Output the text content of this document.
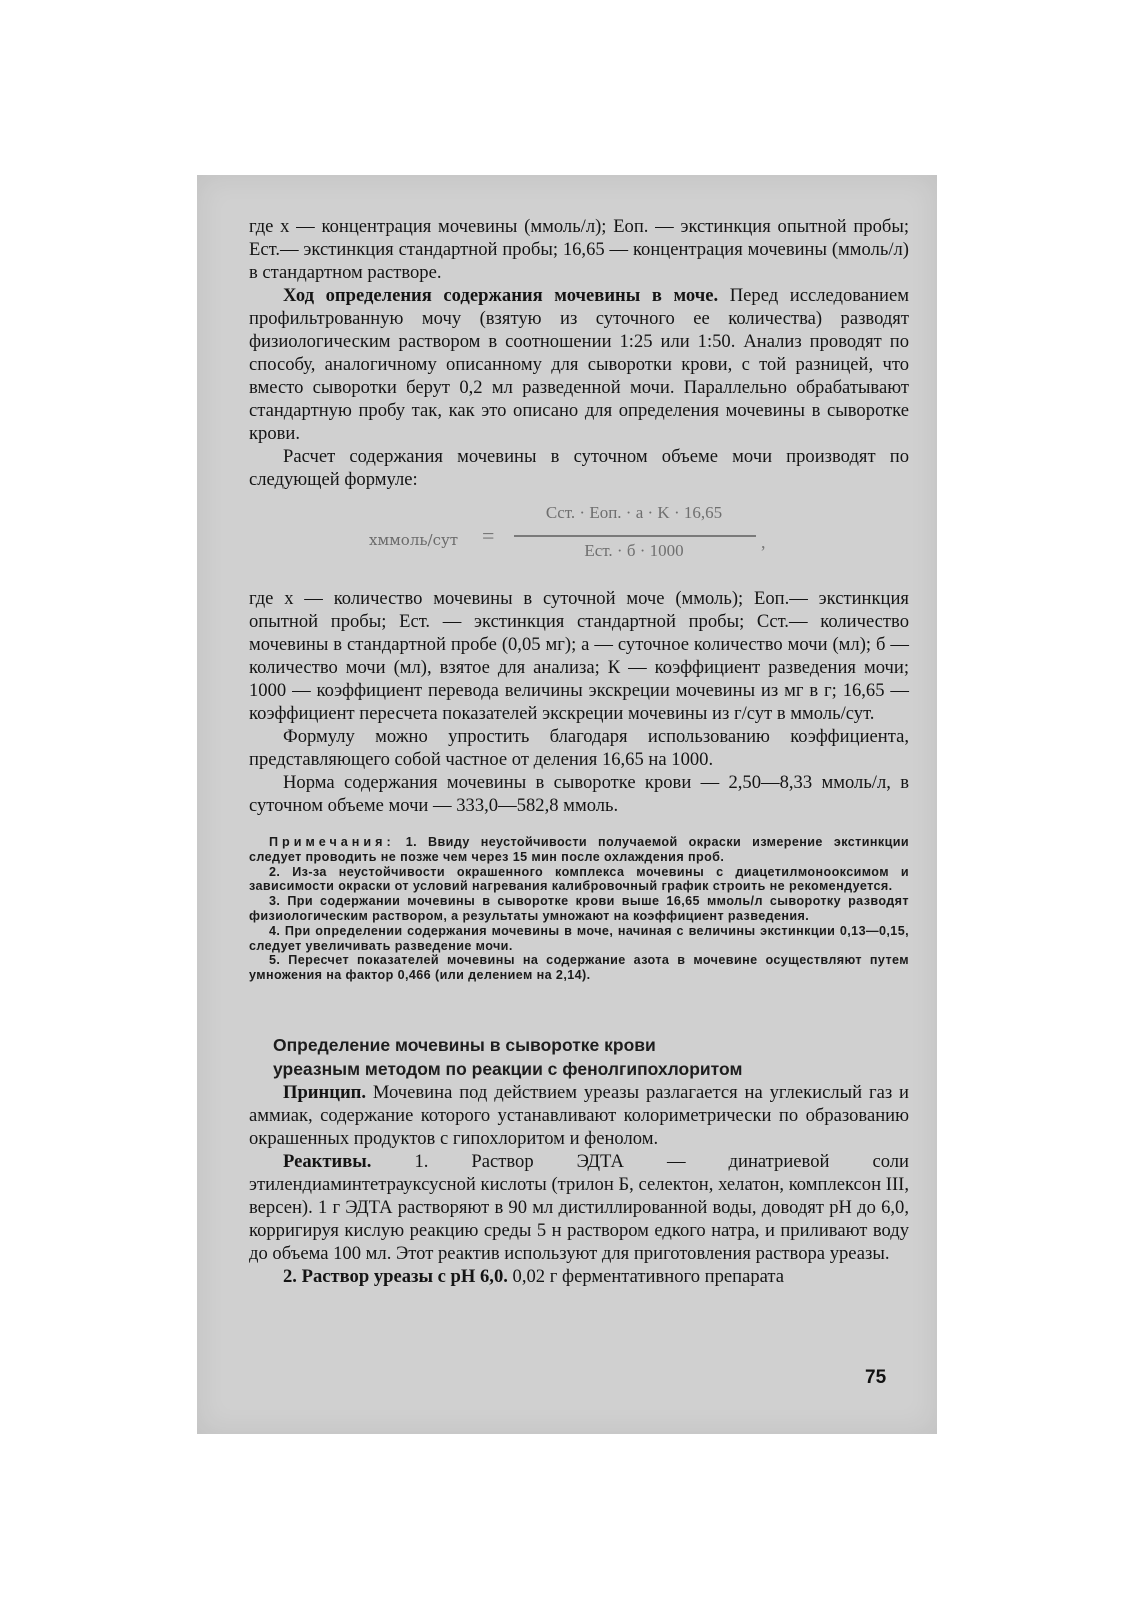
где x — концентрация мочевины (ммоль/л); Eоп. — экстинкция опытной пробы; Eст.— экстинкция стандартной пробы; 16,65 — концентрация мочевины (ммоль/л) в стандартном растворе.

Ход определения содержания мочевины в моче. Перед исследованием профильтрованную мочу (взятую из суточного ее количества) разводят физиологическим раствором в соотношении 1:25 или 1:50. Анализ проводят по способу, аналогичному описанному для сыворотки крови, с той разницей, что вместо сыворотки берут 0,2 мл разведенной мочи. Параллельно обрабатывают стандартную пробу так, как это описано для определения мочевины в сыворотке крови.

Расчет содержания мочевины в суточном объеме мочи производят по следующей формуле:

xммоль/сут =
Cст. · Eоп. · a · K · 16,65
Eст. · б · 1000	,

где x — количество мочевины в суточной моче (ммоль); Eоп.— экстинкция опытной пробы; Eст. — экстинкция стандартной пробы; Cст.— количество мочевины в стандартной пробе (0,05 мг); а — суточное количество мочи (мл); б — количество мочи (мл), взятое для анализа; К — коэффициент разведения мочи; 1000 — коэффициент перевода величины экскреции мочевины из мг в г; 16,65 — коэффициент пересчета показателей экскреции мочевины из г/сут в ммоль/сут.

Формулу можно упростить благодаря использованию коэффициента, представляющего собой частное от деления 16,65 на 1000.

Норма содержания мочевины в сыворотке крови — 2,50—8,33 ммоль/л, в суточном объеме мочи — 333,0—582,8 ммоль.

Примечания: 1. Ввиду неустойчивости получаемой окраски измерение экстинкции следует проводить не позже чем через 15 мин после охлаждения проб.

2. Из-за неустойчивости окрашенного комплекса мочевины с диацетилмонооксимом и зависимости окраски от условий нагревания калибровочный график строить не рекомендуется.

3. При содержании мочевины в сыворотке крови выше 16,65 ммоль/л сыворотку разводят физиологическим раствором, а результаты умножают на коэффициент разведения.

4. При определении содержания мочевины в моче, начиная с величины экстинкции 0,13—0,15, следует увеличивать разведение мочи.

5. Пересчет показателей мочевины на содержание азота в мочевине осуществляют путем умножения на фактор 0,466 (или делением на 2,14).

Определение мочевины в сыворотке крови

уреазным методом по реакции с фенолгипохлоритом

Принцип. Мочевина под действием уреазы разлагается на углекислый газ и аммиак, содержание которого устанавливают колориметрически по образованию окрашенных продуктов с гипохлоритом и фенолом.

Реактивы. 1. Раствор ЭДТА — динатриевой соли этилендиаминтетрауксусной кислоты (трилон Б, селектон, хелатон, комплексон III, версен). 1 г ЭДТА растворяют в 90 мл дистиллированной воды, доводят pH до 6,0, корригируя кислую реакцию среды 5 н раствором едкого натра, и приливают воду до объема 100 мл. Этот реактив используют для приготовления раствора уреазы.

2. Раствор уреазы с pH 6,0. 0,02 г ферментативного препарата

75
